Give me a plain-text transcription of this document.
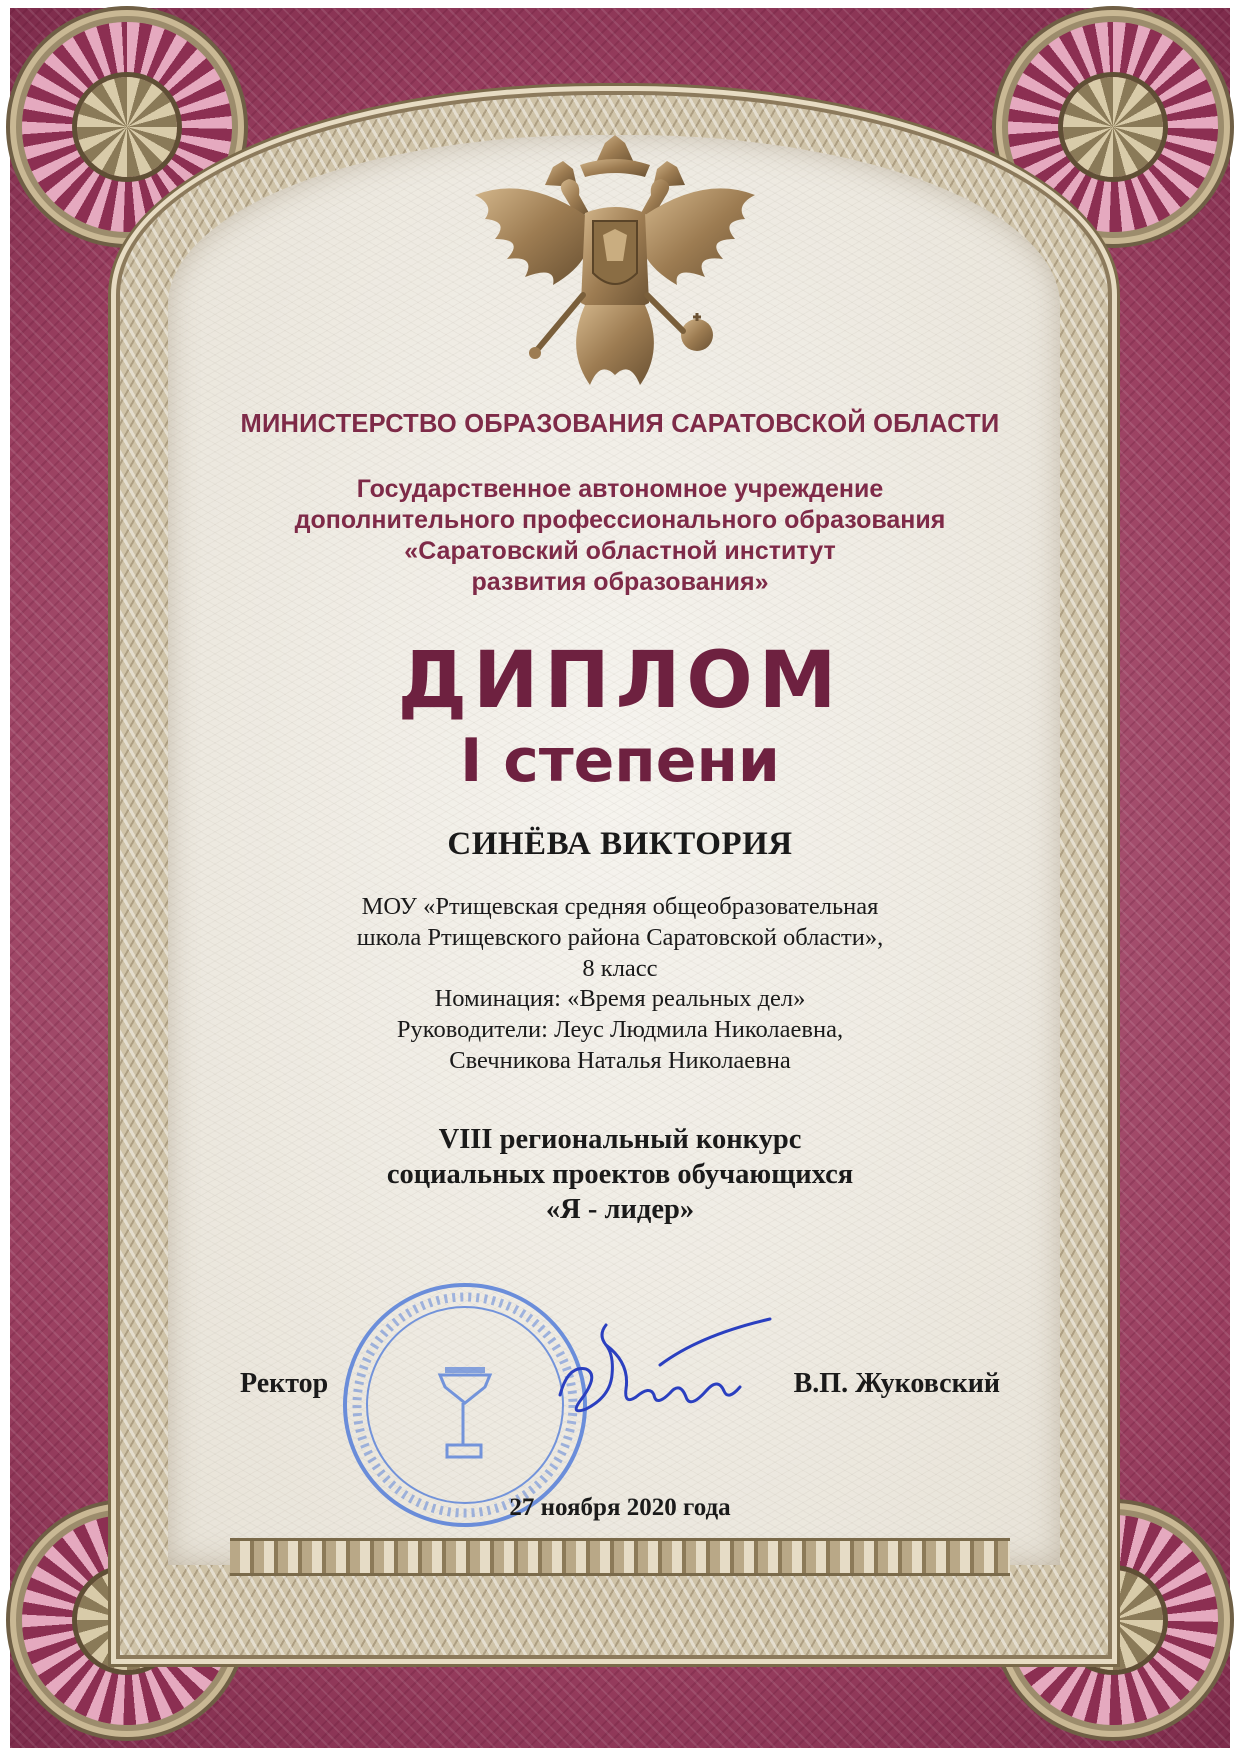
МИНИСТЕРСТВО ОБРАЗОВАНИЯ САРАТОВСКОЙ ОБЛАСТИ
Государственное автономное учреждение
дополнительного профессионального образования
«Саратовский областной институт
развития образования»
ДИПЛОМ
I степени
СИНЁВА ВИКТОРИЯ
МОУ «Ртищевская средняя общеобразовательная
школа Ртищевского района Саратовской области»,
8 класс
Номинация: «Время реальных дел»
Руководители: Леус Людмила Николаевна,
Свечникова Наталья Николаевна
VIII региональный конкурс
социальных проектов обучающихся
«Я - лидер»
Ректор	В.П. Жуковский
27 ноября 2020 года
